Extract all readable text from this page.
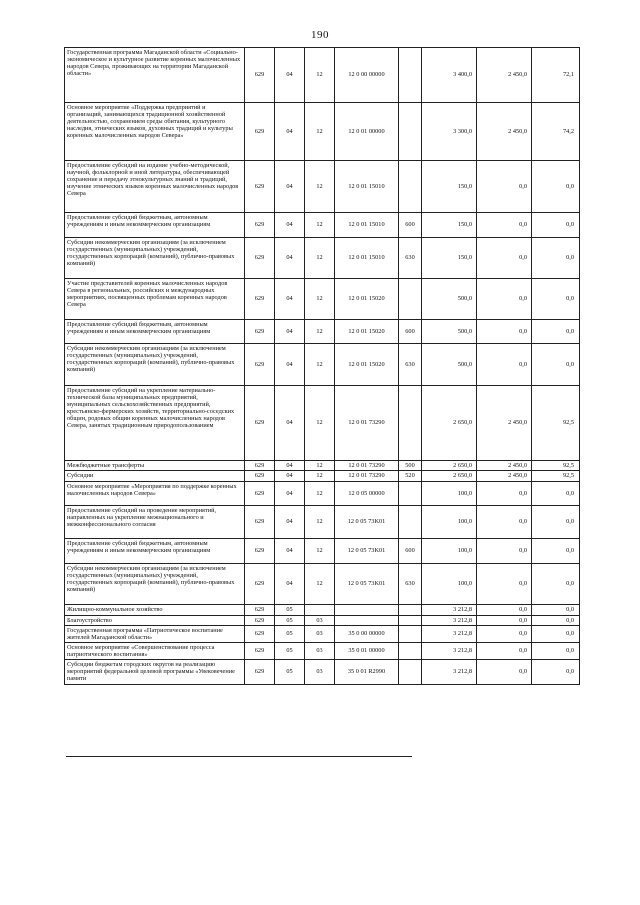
190
Государственная программа Магаданской области «Социально-экономическое и культурное развитие коренных малочисленных народов Севера, проживающих на территории Магаданской области»	629	04	12	12 0 00 00000		3 400,0	2 450,0	72,1
Основное мероприятие «Поддержка предприятий и организаций, занимающихся традиционной хозяйственной деятельностью, сохранением среды обитания, культурного наследия, этнических языков, духовных традиций и культуры коренных малочисленных народов Севера»	629	04	12	12 0 01 00000		3 300,0	2 450,0	74,2
Предоставление субсидий на издание учебно-методической, научной, фольклорной и иной литературы, обеспечивающей сохранение и передачу этнокультурных знаний и традиций, изучение этнических языков коренных малочисленных народов Севера	629	04	12	12 0 01 15010		150,0	0,0	0,0
Предоставление субсидий бюджетным, автономным учреждениям и иным некоммерческим организациям	629	04	12	12 0 01 15010	600	150,0	0,0	0,0
Субсидии некоммерческим организациям (за исключением государственных (муниципальных) учреждений, государственных корпораций (компаний), публично-правовых компаний)	629	04	12	12 0 01 15010	630	150,0	0,0	0,0
Участие представителей коренных малочисленных народов Севера в региональных, российских и международных мероприятиях, посвященных проблемам коренных народов Севера	629	04	12	12 0 01 15020		500,0	0,0	0,0
Предоставление субсидий бюджетным, автономным учреждениям и иным некоммерческим организациям	629	04	12	12 0 01 15020	600	500,0	0,0	0,0
Субсидии некоммерческим организациям (за исключением государственных (муниципальных) учреждений, государственных корпораций (компаний), публично-правовых компаний)	629	04	12	12 0 01 15020	630	500,0	0,0	0,0
Предоставление субсидий на укрепление материально-технической базы муниципальных предприятий, муниципальных сельскохозяйственных предприятий, крестьянско-фермерских хозяйств, территориально-соседских общин, родовых общин коренных малочисленных народов Севера, занятых традиционным природопользованием	629	04	12	12 0 01 73290		2 650,0	2 450,0	92,5
Межбюджетные трансферты	629	04	12	12 0 01 73290	500	2 650,0	2 450,0	92,5
Субсидии	629	04	12	12 0 01 73290	520	2 650,0	2 450,0	92,5
Основное мероприятие «Мероприятия по поддержке коренных малочисленных народов Севера»	629	04	12	12 0 05 00000		100,0	0,0	0,0
Предоставление субсидий на проведение мероприятий, направленных на укрепление межнационального и межконфессионального согласия	629	04	12	12 0 05 73K01		100,0	0,0	0,0
Предоставление субсидий бюджетным, автономным учреждениям и иным некоммерческим организациям	629	04	12	12 0 05 73K01	600	100,0	0,0	0,0
Субсидии некоммерческим организациям (за исключением государственных (муниципальных) учреждений, государственных корпораций (компаний), публично-правовых компаний)	629	04	12	12 0 05 73K01	630	100,0	0,0	0,0
Жилищно-коммунальное хозяйство	629	05				3 212,8	0,0	0,0
Благоустройство	629	05	03			3 212,8	0,0	0,0
Государственная программа «Патриотическое воспитание жителей Магаданской области»	629	05	03	35 0 00 00000		3 212,8	0,0	0,0
Основное мероприятие «Совершенствование процесса патриотического воспитания»	629	05	03	35 0 01 00000		3 212,8	0,0	0,0
Субсидии бюджетам городских округов на реализацию мероприятий федеральной целевой программы «Увековечение памяти	629	05	03	35 0 01 R2990		3 212,8	0,0	0,0
